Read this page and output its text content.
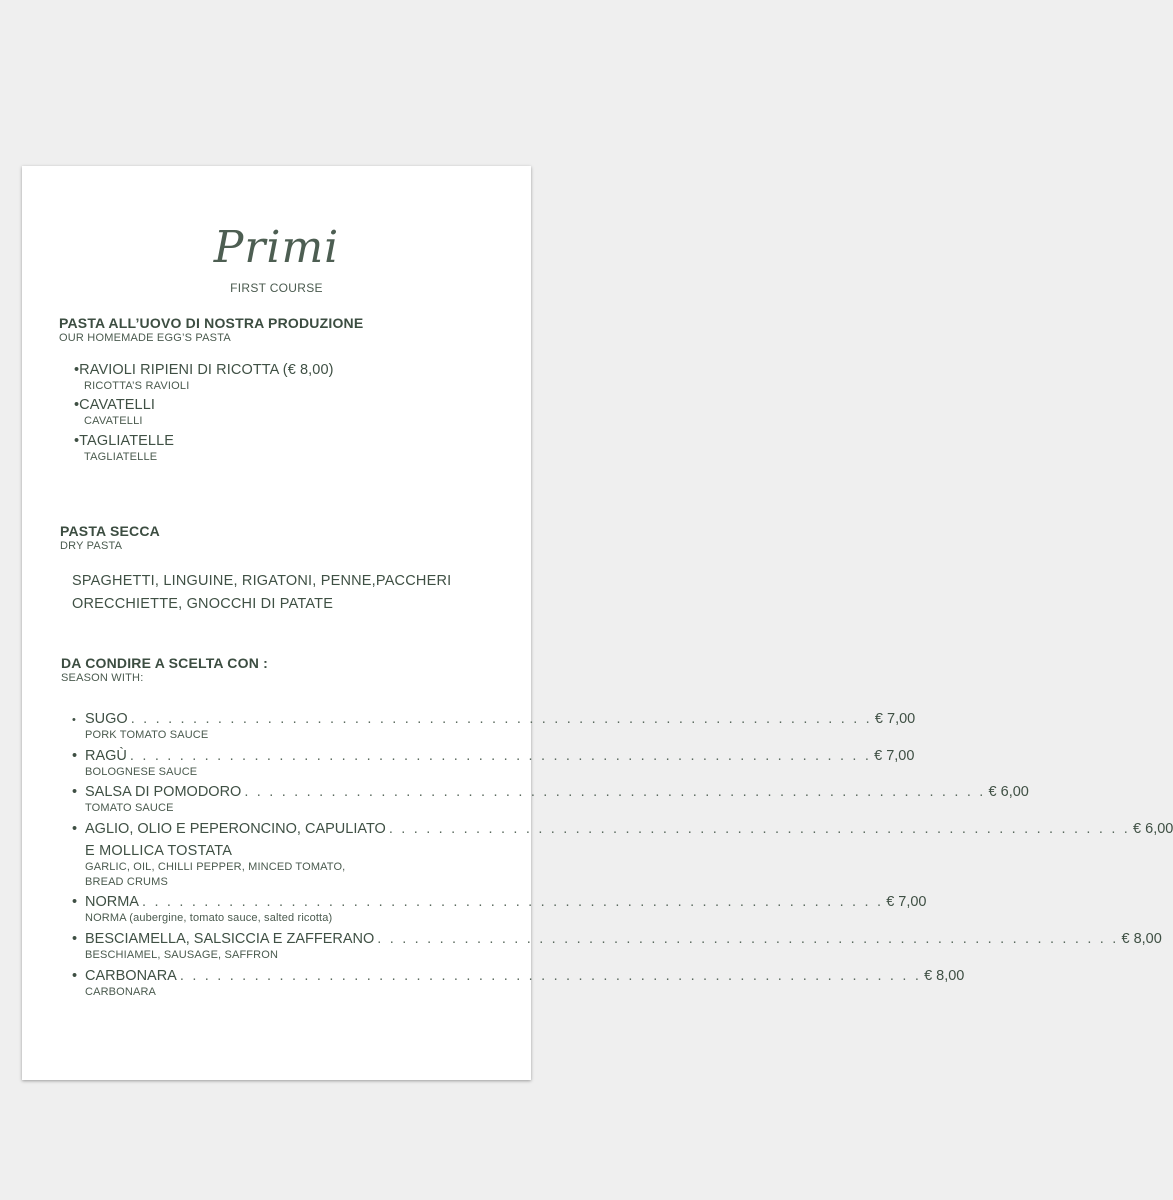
Primi
FIRST COURSE
PASTA ALL’UOVO DI NOSTRA PRODUZIONE
OUR HOMEMADE EGG’S PASTA
•RAVIOLI RIPIENI DI RICOTTA (€ 8,00)
RICOTTA’S RAVIOLI
•CAVATELLI
CAVATELLI
•TAGLIATELLE
TAGLIATELLE
PASTA SECCA
DRY PASTA
SPAGHETTI, LINGUINE, RIGATONI, PENNE,PACCHERI
ORECCHIETTE, GNOCCHI DI PATATE
DA CONDIRE A SCELTA CON :
SEASON WITH:
• SUGO . . . . . . . . . . . . . . . . . . . . . . . . . . . . . . . . . . . . . . . . . . . . . . . . . . . . . . . . . . . . € 7,00
PORK TOMATO SAUCE
• RAGÙ . . . . . . . . . . . . . . . . . . . . . . . . . . . . . . . . . . . . . . . . . . . . . . . . . . . . . . . . . . . . € 7,00
BOLOGNESE SAUCE
• SALSA DI POMODORO . . . . . . . . . . . . . . . . . . . . . . . . . . . . . . . . . . . . . . . . . . . . . . . . . . . . . . . . . . . . € 6,00
TOMATO SAUCE
• AGLIO, OLIO E PEPERONCINO, CAPULIATO . . . . . . . . . . . . . . . . . . . . . . . . . . . . . . . . . . . . . . . . . . . . . . . . . . . . . . . . . . . . € 6,00
E MOLLICA TOSTATA
GARLIC, OIL, CHILLI PEPPER, MINCED TOMATO,
BREAD CRUMS
• NORMA . . . . . . . . . . . . . . . . . . . . . . . . . . . . . . . . . . . . . . . . . . . . . . . . . . . . . . . . . . . . € 7,00
NORMA (aubergine, tomato sauce, salted ricotta)
• BESCIAMELLA, SALSICCIA E ZAFFERANO . . . . . . . . . . . . . . . . . . . . . . . . . . . . . . . . . . . . . . . . . . . . . . . . . . . . . . . . . . . . € 8,00
BESCHIAMEL, SAUSAGE, SAFFRON
• CARBONARA . . . . . . . . . . . . . . . . . . . . . . . . . . . . . . . . . . . . . . . . . . . . . . . . . . . . . . . . . . . . € 8,00
CARBONARA
